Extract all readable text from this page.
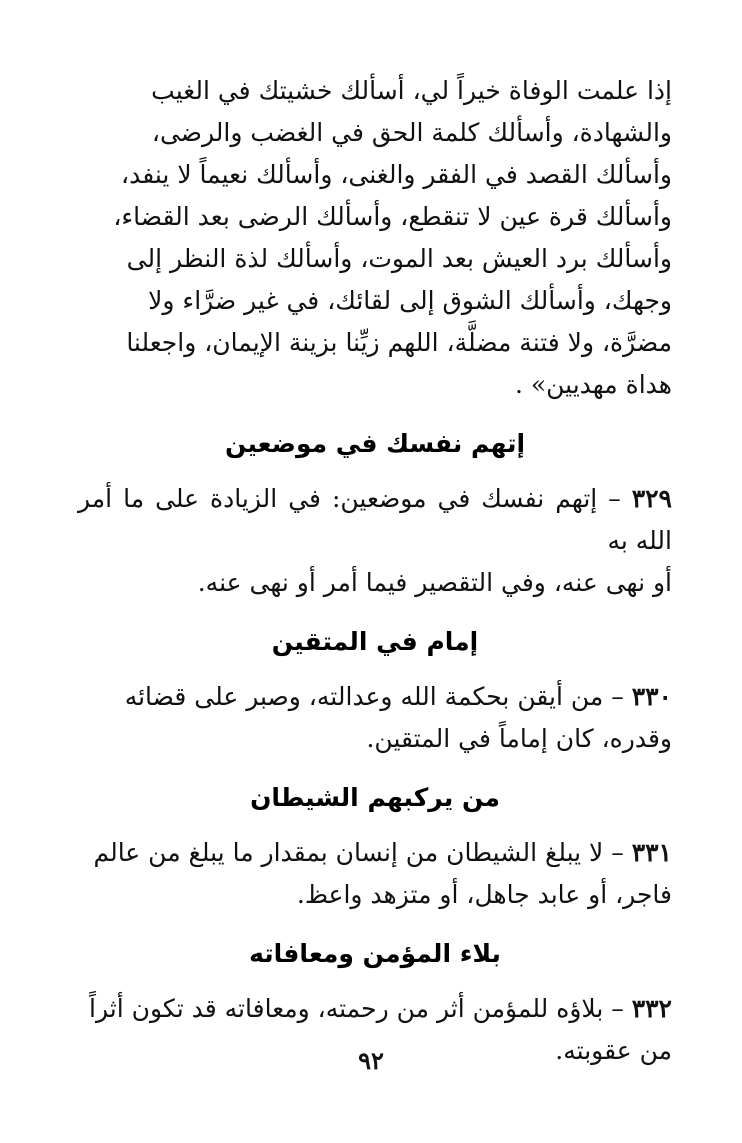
إذا علمت الوفاة خيراً لي، أسألك خشيتك في الغيب
والشهادة، وأسألك كلمة الحق في الغضب والرضى،
وأسألك القصد في الفقر والغنى، وأسألك نعيماً لا ينفد،
وأسألك قرة عين لا تنقطع، وأسألك الرضى بعد القضاء،
وأسألك برد العيش بعد الموت، وأسألك لذة النظر إلى
وجهك، وأسألك الشوق إلى لقائك، في غير ضرَّاء ولا
مضرَّة، ولا فتنة مضلَّة، اللهم زيِّنا بزينة الإيمان، واجعلنا
هداة مهديين» .

إتهم نفسك في موضعين

٣٢٩ – إتهم نفسك في موضعين: في الزيادة على ما أمر الله به
أو نهى عنه، وفي التقصير فيما أمر أو نهى عنه.

إمام في المتقين

٣٣٠ – من أيقن بحكمة الله وعدالته، وصبر على قضائه
وقدره، كان إماماً في المتقين.

من يركبهم الشيطان

٣٣١ – لا يبلغ الشيطان من إنسان بمقدار ما يبلغ من عالم
فاجر، أو عابد جاهل، أو متزهد واعظ.

بلاء المؤمن ومعافاته

٣٣٢ – بلاؤه للمؤمن أثر من رحمته، ومعافاته قد تكون أثراً
من عقوبته.

٩٢
